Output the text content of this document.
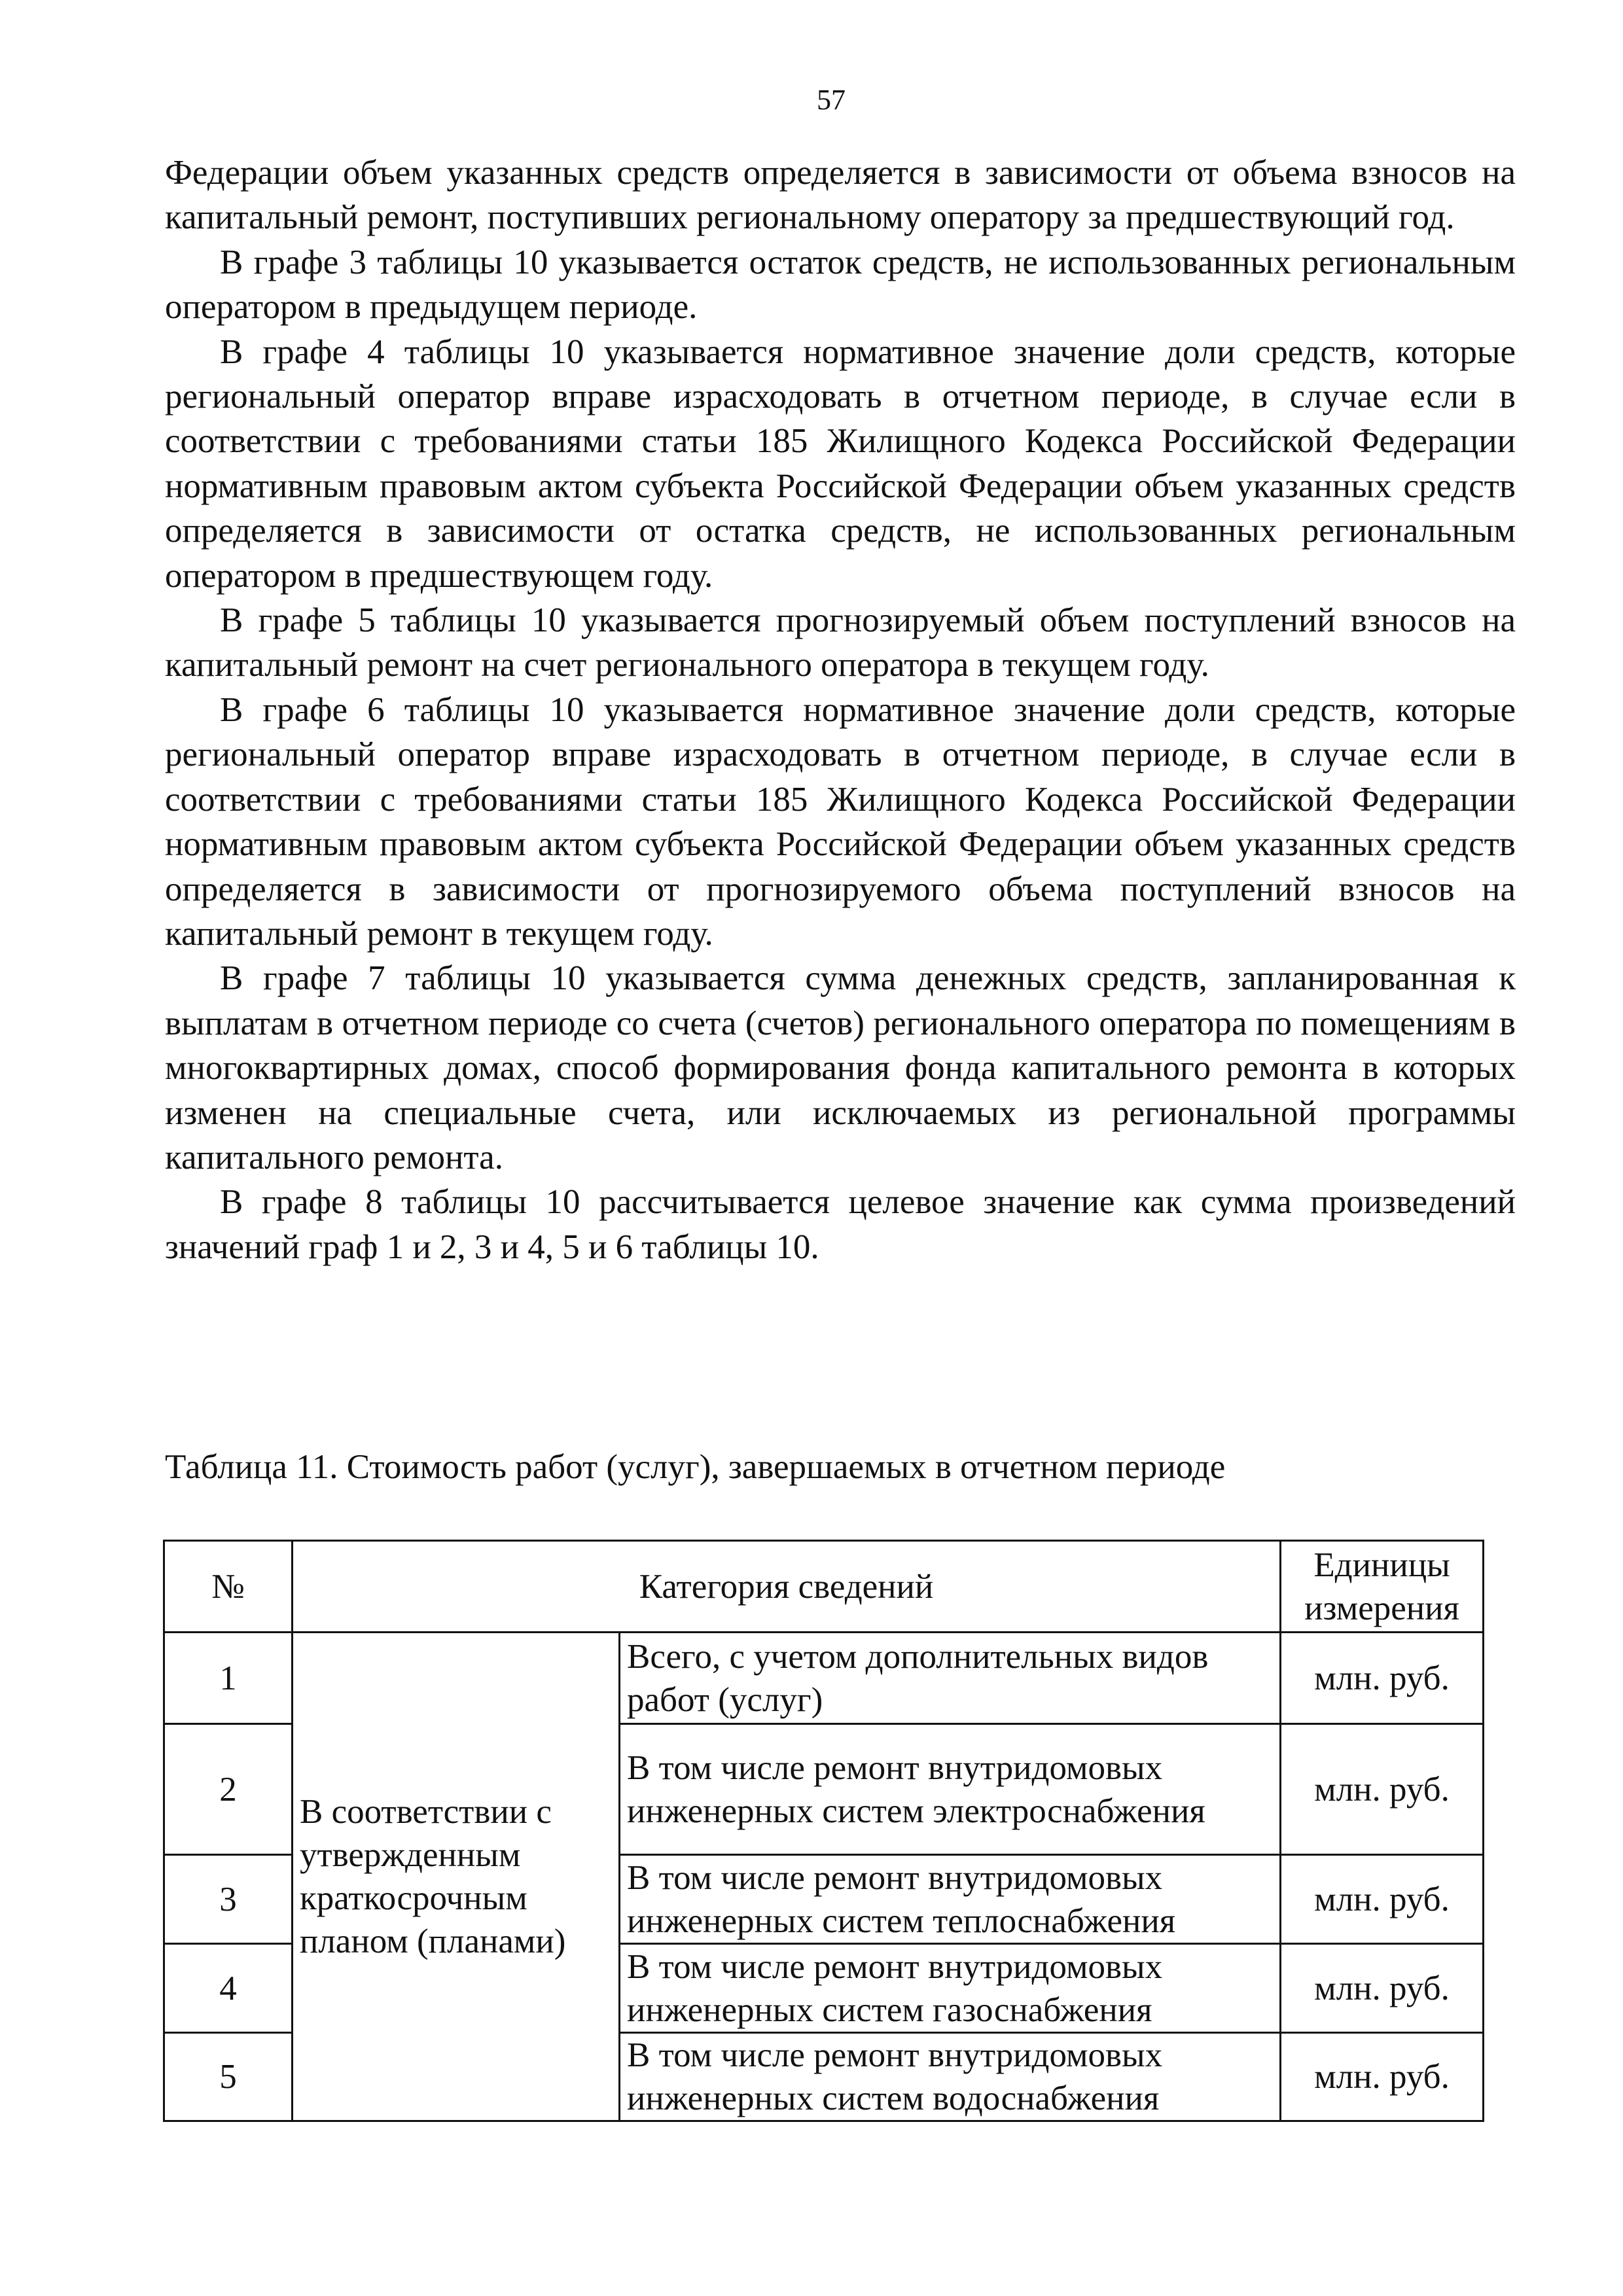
57

Федерации объем указанных средств определяется в зависимости от объема взносов на капитальный ремонт, поступивших региональному оператору за предшествующий год.

В графе 3 таблицы 10 указывается остаток средств, не использованных региональным оператором в предыдущем периоде.

В графе 4 таблицы 10 указывается нормативное значение доли средств, которые региональный оператор вправе израсходовать в отчетном периоде, в случае если в соответствии с требованиями статьи 185 Жилищного Кодекса Российской Федерации нормативным правовым актом субъекта Российской Федерации объем указанных средств определяется в зависимости от остатка средств, не использованных региональным оператором в предшествующем году.

В графе 5 таблицы 10 указывается прогнозируемый объем поступлений взносов на капитальный ремонт на счет регионального оператора в текущем году.

В графе 6 таблицы 10 указывается нормативное значение доли средств, которые региональный оператор вправе израсходовать в отчетном периоде, в случае если в соответствии с требованиями статьи 185 Жилищного Кодекса Российской Федерации нормативным правовым актом субъекта Российской Федерации объем указанных средств определяется в зависимости от прогнозируемого объема поступлений взносов на капитальный ремонт в текущем году.

В графе 7 таблицы 10 указывается сумма денежных средств, запланированная к выплатам в отчетном периоде со счета (счетов) регионального оператора по помещениям в многоквартирных домах, способ формирования фонда капитального ремонта в которых изменен на специальные счета, или исключаемых из региональной программы капитального ремонта.

В графе 8 таблицы 10 рассчитывается целевое значение как сумма произведений значений граф 1 и 2, 3 и 4, 5 и 6 таблицы 10.

Таблица 11. Стоимость работ (услуг), завершаемых в отчетном периоде
№	Категория сведений		Единицы измерения
1	В соответствии с утвержденным краткосрочным планом (планами)	Всего, с учетом дополнительных видов работ (услуг)	млн. руб.
2		В том числе ремонт внутридомовых инженерных систем электроснабжения	млн. руб.
3		В том числе ремонт внутридомовых инженерных систем теплоснабжения	млн. руб.
4		В том числе ремонт внутридомовых инженерных систем газоснабжения	млн. руб.
5		В том числе ремонт внутридомовых инженерных систем водоснабжения	млн. руб.
